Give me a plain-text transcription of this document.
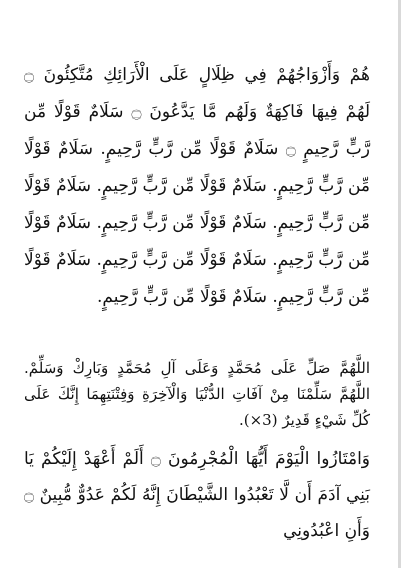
هُمْ وَأَزْوَاجُهُمْ فِي ظِلَالٍ عَلَى الْأَرَائِكِ مُتَّكِئُونَ ۝ لَهُمْ فِيهَا فَاكِهَةٌ وَلَهُم مَّا يَدَّعُونَ ۝ سَلَامٌ قَوْلًا مِّن رَّبٍّ رَّحِيمٍ ۝ سَلَامٌ قَوْلًا مِّن رَّبٍّ رَّحِيمٍ. سَلَامٌ قَوْلًا مِّن رَّبٍّ رَّحِيمٍ. سَلَامٌ قَوْلًا مِّن رَّبٍّ رَّحِيمٍ. سَلَامٌ قَوْلًا مِّن رَّبٍّ رَّحِيمٍ. سَلَامٌ قَوْلًا مِّن رَّبٍّ رَّحِيمٍ. سَلَامٌ قَوْلًا مِّن رَّبٍّ رَّحِيمٍ. سَلَامٌ قَوْلًا مِّن رَّبٍّ رَّحِيمٍ. سَلَامٌ قَوْلًا مِّن رَّبٍّ رَّحِيمٍ. سَلَامٌ قَوْلًا مِّن رَّبٍّ رَّحِيمٍ.

اللَّهُمَّ صَلِّ عَلَى مُحَمَّدٍ وَعَلَى آلِ مُحَمَّدٍ وَبَارِكْ وَسَلِّمْ. اللَّهُمَّ سَلِّمْنَا مِنْ آفَاتِ الدُّنْيَا وَالْآخِرَةِ وَفِتْنَتِهِمَا إِنَّكَ عَلَى كُلِّ شَيْءٍ قَدِيرٌ (3×).

وَامْتَازُوا الْيَوْمَ أَيُّهَا الْمُجْرِمُونَ ۝ أَلَمْ أَعْهَدْ إِلَيْكُمْ يَا بَنِي آدَمَ أَن لَّا تَعْبُدُوا الشَّيْطَانَ إِنَّهُ لَكُمْ عَدُوٌّ مُّبِينٌ ۝ وَأَنِ اعْبُدُونِي
